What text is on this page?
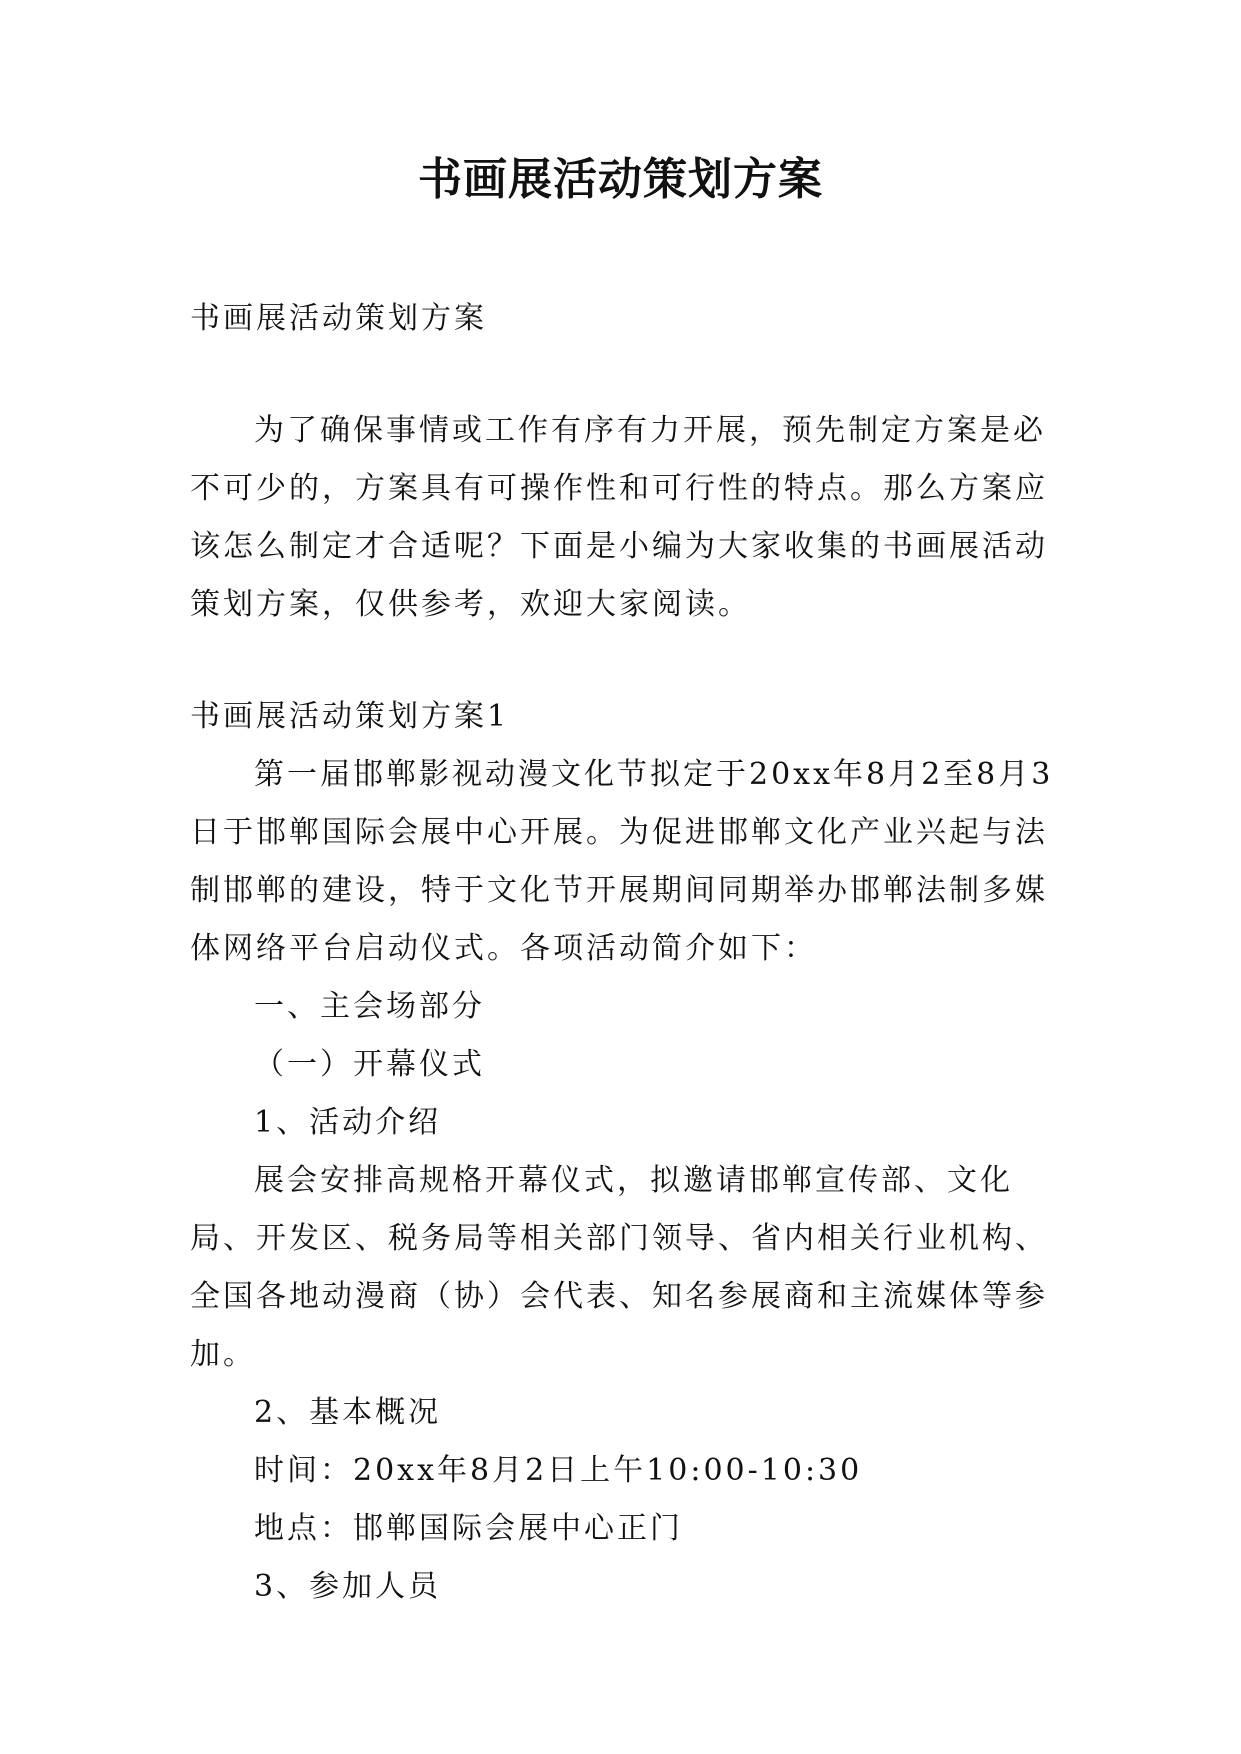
书画展活动策划方案
书画展活动策划方案
为了确保事情或工作有序有力开展，预先制定方案是必不可少的，方案具有可操作性和可行性的特点。那么方案应该怎么制定才合适呢？下面是小编为大家收集的书画展活动策划方案，仅供参考，欢迎大家阅读。

书画展活动策划方案1

第一届邯郸影视动漫文化节拟定于20xx年8月2至8月3日于邯郸国际会展中心开展。为促进邯郸文化产业兴起与法制邯郸的建设，特于文化节开展期间同期举办邯郸法制多媒体网络平台启动仪式。各项活动简介如下：

一、主会场部分

（一）开幕仪式

1、活动介绍

展会安排高规格开幕仪式，拟邀请邯郸宣传部、文化局、开发区、税务局等相关部门领导、省内相关行业机构、全国各地动漫商（协）会代表、知名参展商和主流媒体等参加。

2、基本概况

时间：20xx年8月2日上午10:00-10:30

地点：邯郸国际会展中心正门

3、参加人员
